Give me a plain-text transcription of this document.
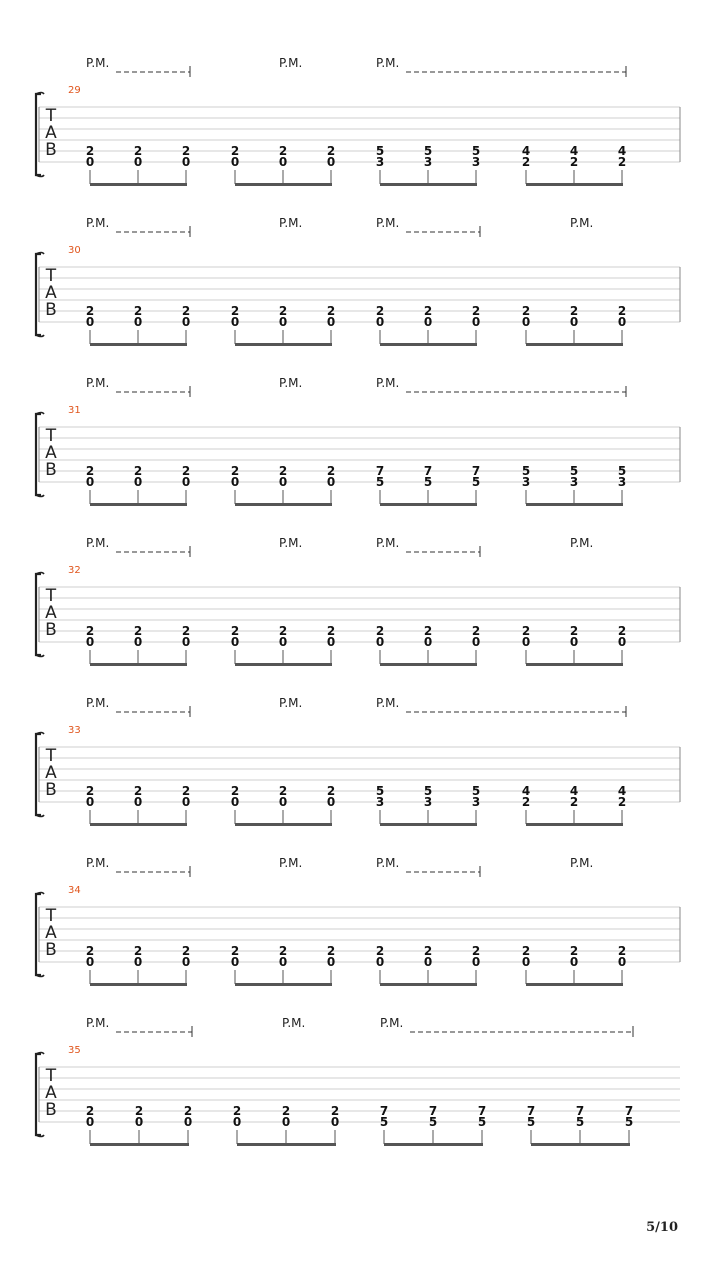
T
A
B
29
P.M.	P.M.	P.M.
2
0
2
0
2
0
2
0
2
0
2
0
5
3
5
3
5
3
4
2
4
2
4
2
T
A
B
30
P.M.	P.M.	P.M.	P.M.
2
0
2
0
2
0
2
0
2
0
2
0
2
0
2
0
2
0
2
0
2
0
2
0
T
A
B
31
P.M.	P.M.	P.M.
2
0
2
0
2
0
2
0
2
0
2
0
7
5
7
5
7
5
5
3
5
3
5
3
T
A
B
32
P.M.	P.M.	P.M.	P.M.
2
0
2
0
2
0
2
0
2
0
2
0
2
0
2
0
2
0
2
0
2
0
2
0
T
A
B
33
P.M.	P.M.	P.M.
2
0
2
0
2
0
2
0
2
0
2
0
5
3
5
3
5
3
4
2
4
2
4
2
T
A
B
34
P.M.	P.M.	P.M.	P.M.
2
0
2
0
2
0
2
0
2
0
2
0
2
0
2
0
2
0
2
0
2
0
2
0
T
A
B
35
P.M.	P.M.	P.M.
2
0
2
0
2
0
2
0
2
0
2
0
7
5
7
5
7
5
7
5
7
5
7
5
5/10
